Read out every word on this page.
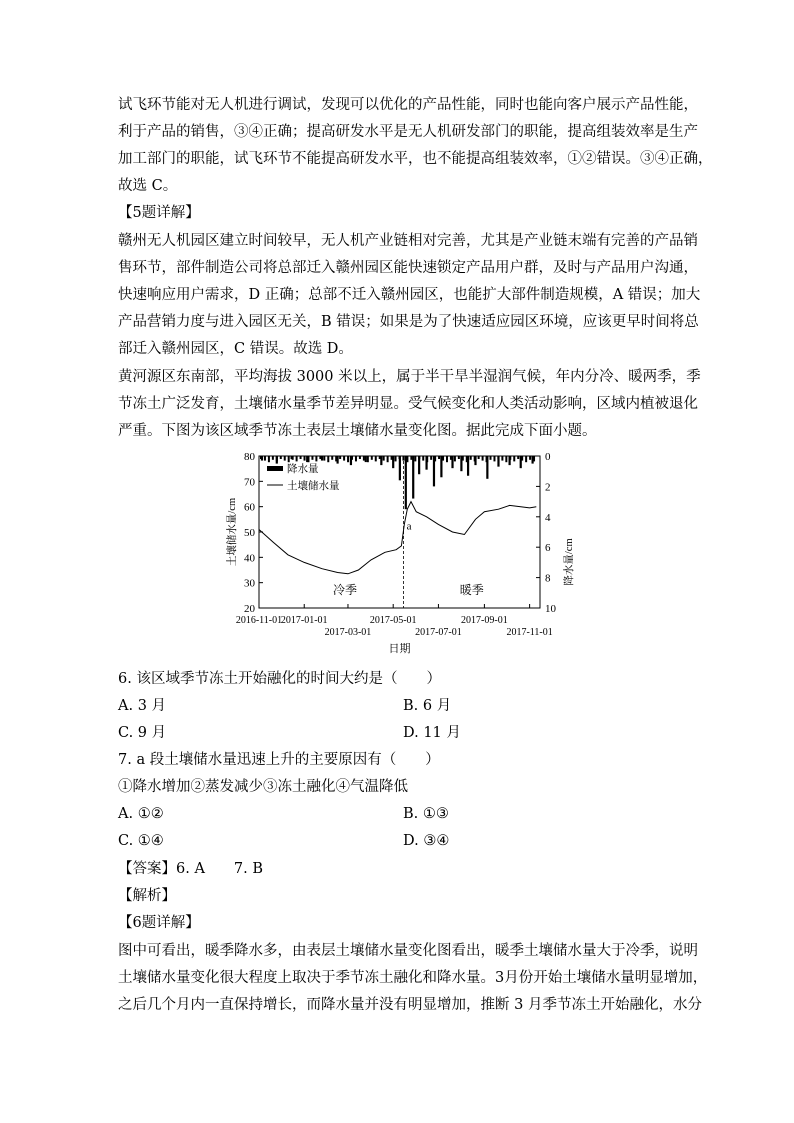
试飞环节能对无人机进行调试，发现可以优化的产品性能，同时也能向客户展示产品性能，
利于产品的销售，③④正确；提高研发水平是无人机研发部门的职能，提高组装效率是生产
加工部门的职能，试飞环节不能提高研发水平，也不能提高组装效率，①②错误。③④正确，
故选 C。
【5题详解】
赣州无人机园区建立时间较早，无人机产业链相对完善，尤其是产业链末端有完善的产品销
售环节，部件制造公司将总部迁入赣州园区能快速锁定产品用户群，及时与产品用户沟通，
快速响应用户需求，D 正确；总部不迁入赣州园区，也能扩大部件制造规模，A 错误；加大
产品营销力度与进入园区无关，B 错误；如果是为了快速适应园区环境，应该更早时间将总
部迁入赣州园区，C 错误。故选 D。
黄河源区东南部，平均海拔 3000 米以上，属于半干旱半湿润气候，年内分冷、暖两季，季
节冻土广泛发育，土壤储水量季节差异明显。受气候变化和人类活动影响，区域内植被退化
严重。下图为该区域季节冻土表层土壤储水量变化图。据此完成下面小题。
20
30
40
50
60
70
80	0
2
4
6
8
10
2016-11-01
2017-01-01	2017-05-01	2017-09-01
2017-03-01	2017-07-01	2017-11-01
日期
土壤储水量/cm	降水量/cm
a
冷季	暖季
降水量
土壤储水量
6. 该区域季节冻土开始融化的时间大约是（　　）
A. 3 月	B. 6 月
C. 9 月	D. 11 月
7. a 段土壤储水量迅速上升的主要原因有（　　）
①降水增加②蒸发减少③冻土融化④气温降低
A. ①②	B. ①③
C. ①④	D. ③④
【答案】6. A　　7. B
【解析】
【6题详解】
图中可看出，暖季降水多，由表层土壤储水量变化图看出，暖季土壤储水量大于冷季，说明
土壤储水量变化很大程度上取决于季节冻土融化和降水量。3月份开始土壤储水量明显增加，
之后几个月内一直保持增长，而降水量并没有明显增加，推断 3 月季节冻土开始融化，水分
